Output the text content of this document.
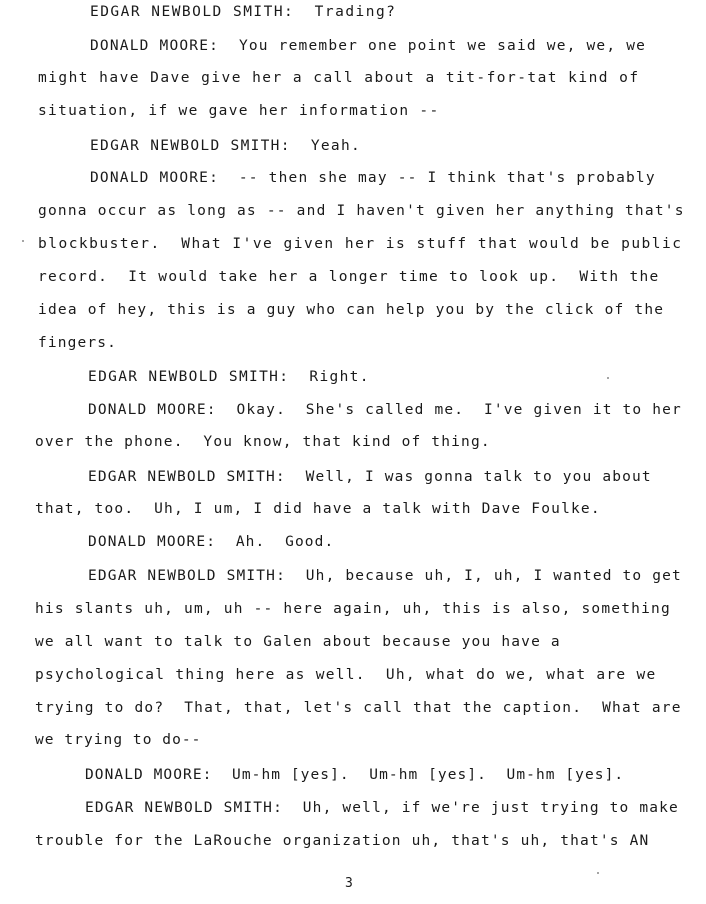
EDGAR NEWBOLD SMITH:  Trading?

DONALD MOORE:  You remember one point we said we, we, we

might have Dave give her a call about a tit-for-tat kind of

situation, if we gave her information --

EDGAR NEWBOLD SMITH:  Yeah.

DONALD MOORE:  -- then she may -- I think that's probably

gonna occur as long as -- and I haven't given her anything that's

blockbuster.  What I've given her is stuff that would be public

record.  It would take her a longer time to look up.  With the

idea of hey, this is a guy who can help you by the click of the

fingers.

EDGAR NEWBOLD SMITH:  Right.

DONALD MOORE:  Okay.  She's called me.  I've given it to her

over the phone.  You know, that kind of thing.

EDGAR NEWBOLD SMITH:  Well, I was gonna talk to you about

that, too.  Uh, I um, I did have a talk with Dave Foulke.

DONALD MOORE:  Ah.  Good.

EDGAR NEWBOLD SMITH:  Uh, because uh, I, uh, I wanted to get

his slants uh, um, uh -- here again, uh, this is also, something

we all want to talk to Galen about because you have a

psychological thing here as well.  Uh, what do we, what are we

trying to do?  That, that, let's call that the caption.  What are

we trying to do--

DONALD MOORE:  Um-hm [yes].  Um-hm [yes].  Um-hm [yes].

EDGAR NEWBOLD SMITH:  Uh, well, if we're just trying to make

trouble for the LaRouche organization uh, that's uh, that's AN

3
